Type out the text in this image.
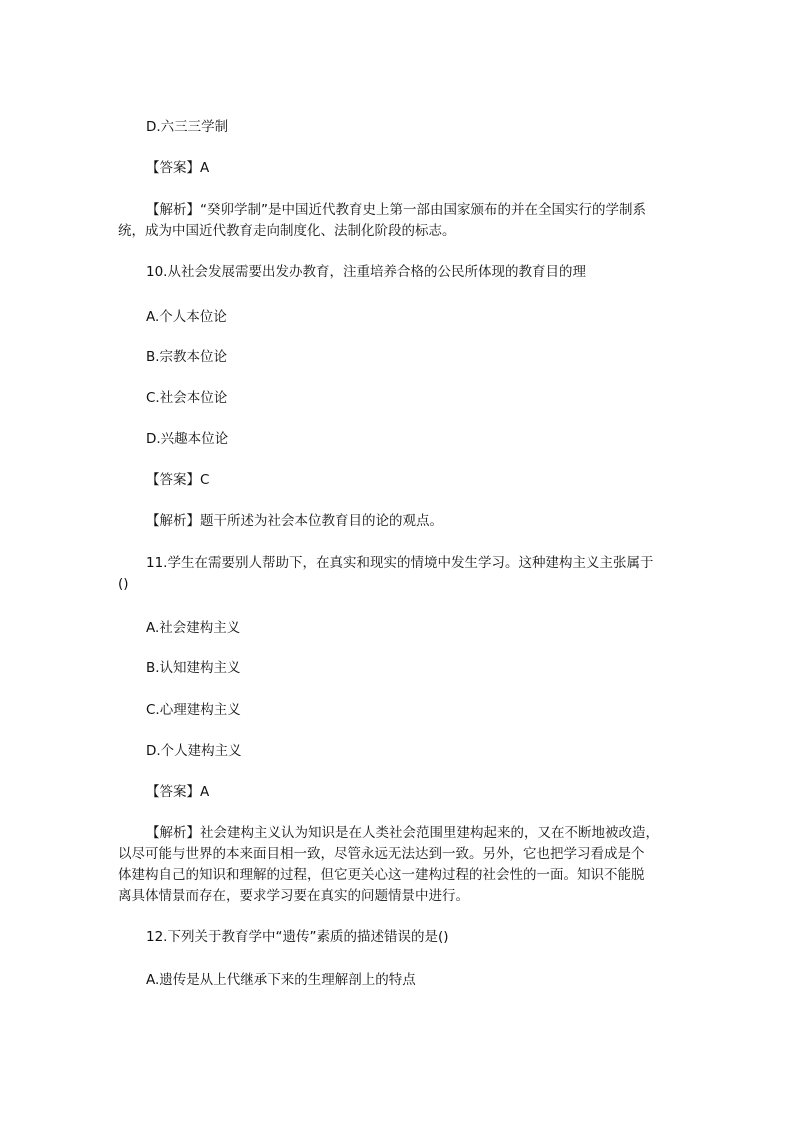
D.六三三学制
【答案】A
【解析】“癸卯学制”是中国近代教育史上第一部由国家颁布的并在全国实行的学制系
统，成为中国近代教育走向制度化、法制化阶段的标志。
10.从社会发展需要出发办教育，注重培养合格的公民所体现的教育目的理
A.个人本位论
B.宗教本位论
C.社会本位论
D.兴趣本位论
【答案】C
【解析】题干所述为社会本位教育目的论的观点。
11.学生在需要别人帮助下，在真实和现实的情境中发生学习。这种建构主义主张属于
()
A.社会建构主义
B.认知建构主义
C.心理建构主义
D.个人建构主义
【答案】A
【解析】社会建构主义认为知识是在人类社会范围里建构起来的，又在不断地被改造，
以尽可能与世界的本来面目相一致，尽管永远无法达到一致。另外，它也把学习看成是个
体建构自己的知识和理解的过程，但它更关心这一建构过程的社会性的一面。知识不能脱
离具体情景而存在，要求学习要在真实的问题情景中进行。
12.下列关于教育学中“遗传”素质的描述错误的是()
A.遗传是从上代继承下来的生理解剖上的特点
